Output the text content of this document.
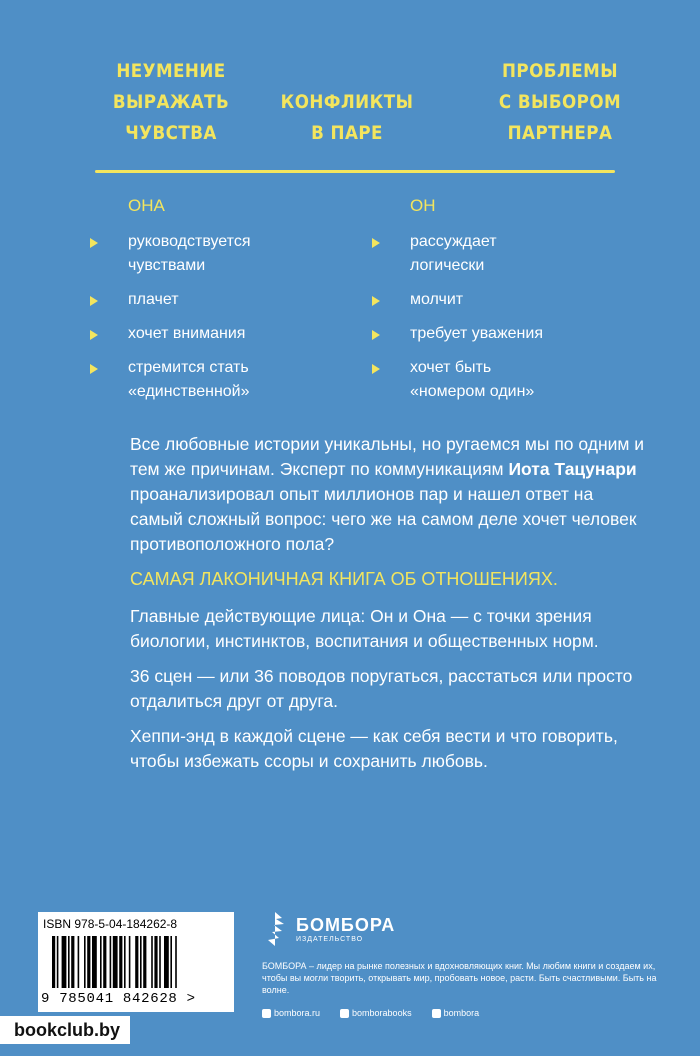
НЕУМЕНИЕ
ВЫРАЖАТЬ
ЧУВСТВА
КОНФЛИКТЫ
В ПАРЕ
ПРОБЛЕМЫ
С ВЫБОРОМ
ПАРТНЕРА
ОНА
руководствуется
чувствами
плачет
хочет внимания
стремится стать
«единственной»
ОН
рассуждает
логически
молчит
требует уважения
хочет быть
«номером один»

Все любовные истории уникальны, но ругаемся мы по одним и тем же причинам. Эксперт по коммуникациям Иота Тацунари проанализировал опыт миллионов пар и нашел ответ на самый сложный вопрос: чего же на самом деле хочет человек противоположного пола?

САМАЯ ЛАКОНИЧНАЯ КНИГА ОБ ОТНОШЕНИЯХ.

Главные действующие лица: Он и Она — с точки зрения биологии, инстинктов, воспитания и общественных норм.

36 сцен — или 36 поводов поругаться, расстаться или просто отдалиться друг от друга.

Хеппи-энд в каждой сцене — как себя вести и что говорить, чтобы избежать ссоры и сохранить любовь.

ISBN 978-5-04-184262-8
9 785041 842628 >
БОМБОРА
ИЗДАТЕЛЬСТВО
БОМБОРА – лидер на рынке полезных и вдохновляющих книг. Мы любим книги и создаем их, чтобы вы могли творить, открывать мир, пробовать новое, расти. Быть счастливыми. Быть на волне.
bombora.ru	bomborabooks	bombora
bookclub.by
